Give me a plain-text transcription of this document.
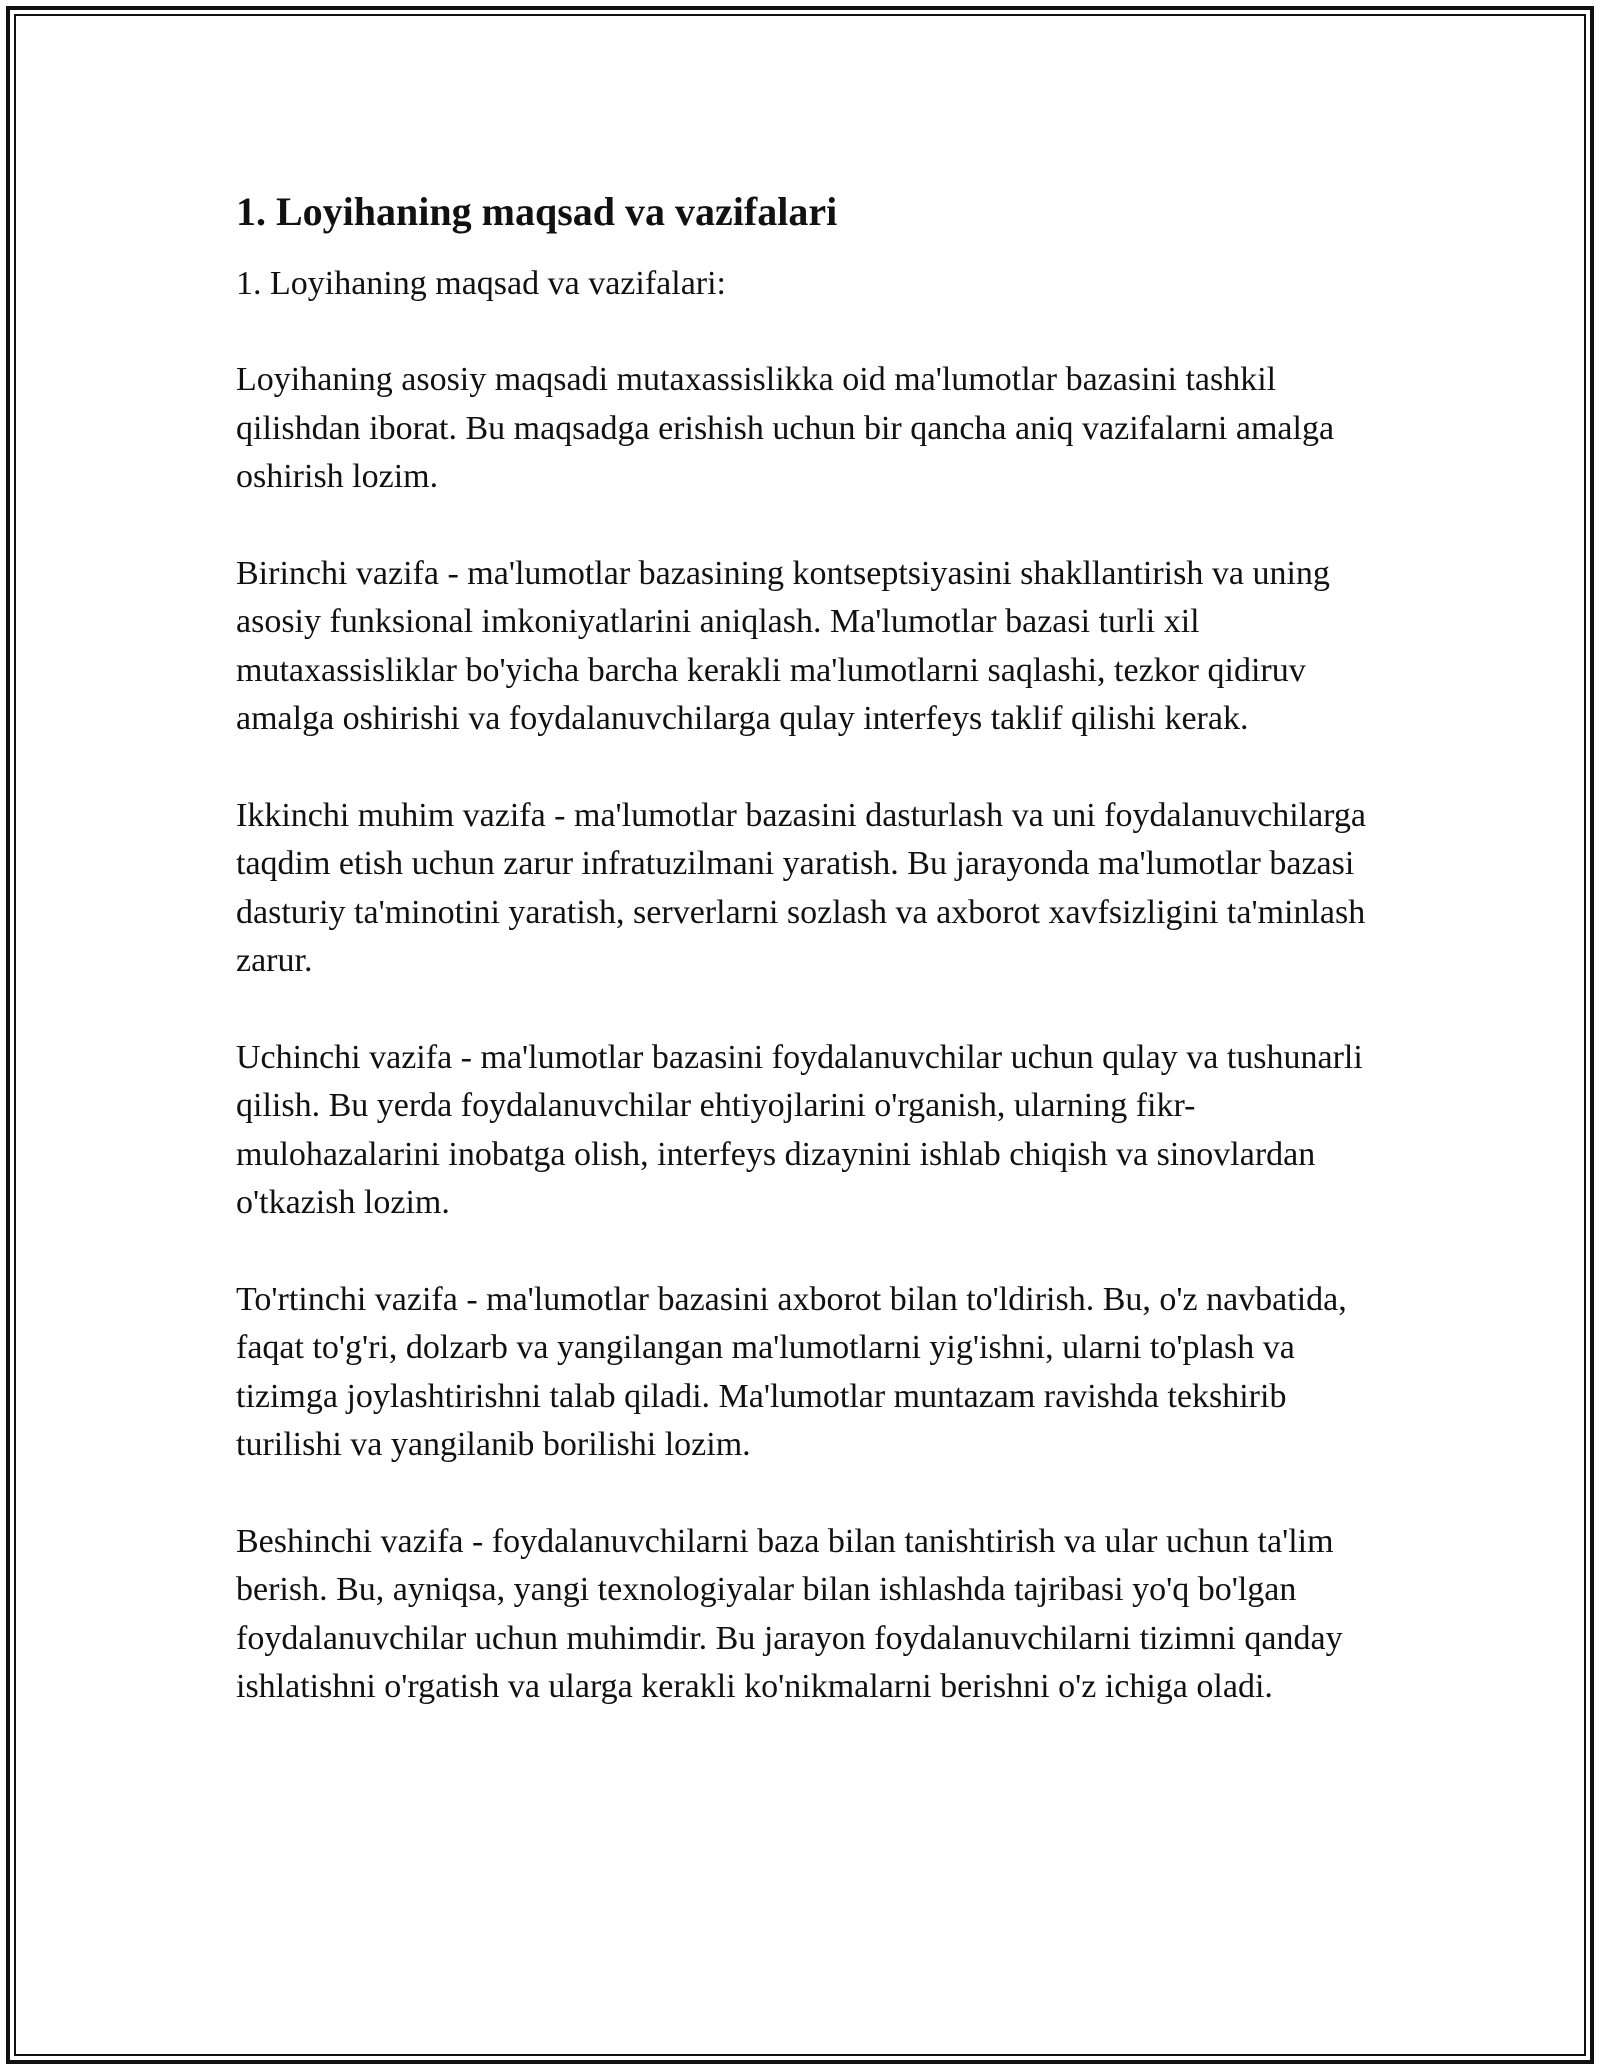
1. Loyihaning maqsad va vazifalari

1. Loyihaning maqsad va vazifalari:

Loyihaning asosiy maqsadi mutaxassislikka oid ma'lumotlar bazasini tashkil qilishdan iborat. Bu maqsadga erishish uchun bir qancha aniq vazifalarni amalga oshirish lozim.

Birinchi vazifa - ma'lumotlar bazasining kontseptsiyasini shakllantirish va uning asosiy funksional imkoniyatlarini aniqlash. Ma'lumotlar bazasi turli xil mutaxassisliklar bo'yicha barcha kerakli ma'lumotlarni saqlashi, tezkor qidiruv amalga oshirishi va foydalanuvchilarga qulay interfeys taklif qilishi kerak.

Ikkinchi muhim vazifa - ma'lumotlar bazasini dasturlash va uni foydalanuvchilarga taqdim etish uchun zarur infratuzilmani yaratish. Bu jarayonda ma'lumotlar bazasi dasturiy ta'minotini yaratish, serverlarni sozlash va axborot xavfsizligini ta'minlash zarur.

Uchinchi vazifa - ma'lumotlar bazasini foydalanuvchilar uchun qulay va tushunarli qilish. Bu yerda foydalanuvchilar ehtiyojlarini o'rganish, ularning fikr-mulohazalarini inobatga olish, interfeys dizaynini ishlab chiqish va sinovlardan o'tkazish lozim.

To'rtinchi vazifa - ma'lumotlar bazasini axborot bilan to'ldirish. Bu, o'z navbatida, faqat to'g'ri, dolzarb va yangilangan ma'lumotlarni yig'ishni, ularni to'plash va tizimga joylashtirishni talab qiladi. Ma'lumotlar muntazam ravishda tekshirib turilishi va yangilanib borilishi lozim.

Beshinchi vazifa - foydalanuvchilarni baza bilan tanishtirish va ular uchun ta'lim berish. Bu, ayniqsa, yangi texnologiyalar bilan ishlashda tajribasi yo'q bo'lgan foydalanuvchilar uchun muhimdir. Bu jarayon foydalanuvchilarni tizimni qanday ishlatishni o'rgatish va ularga kerakli ko'nikmalarni berishni o'z ichiga oladi.
